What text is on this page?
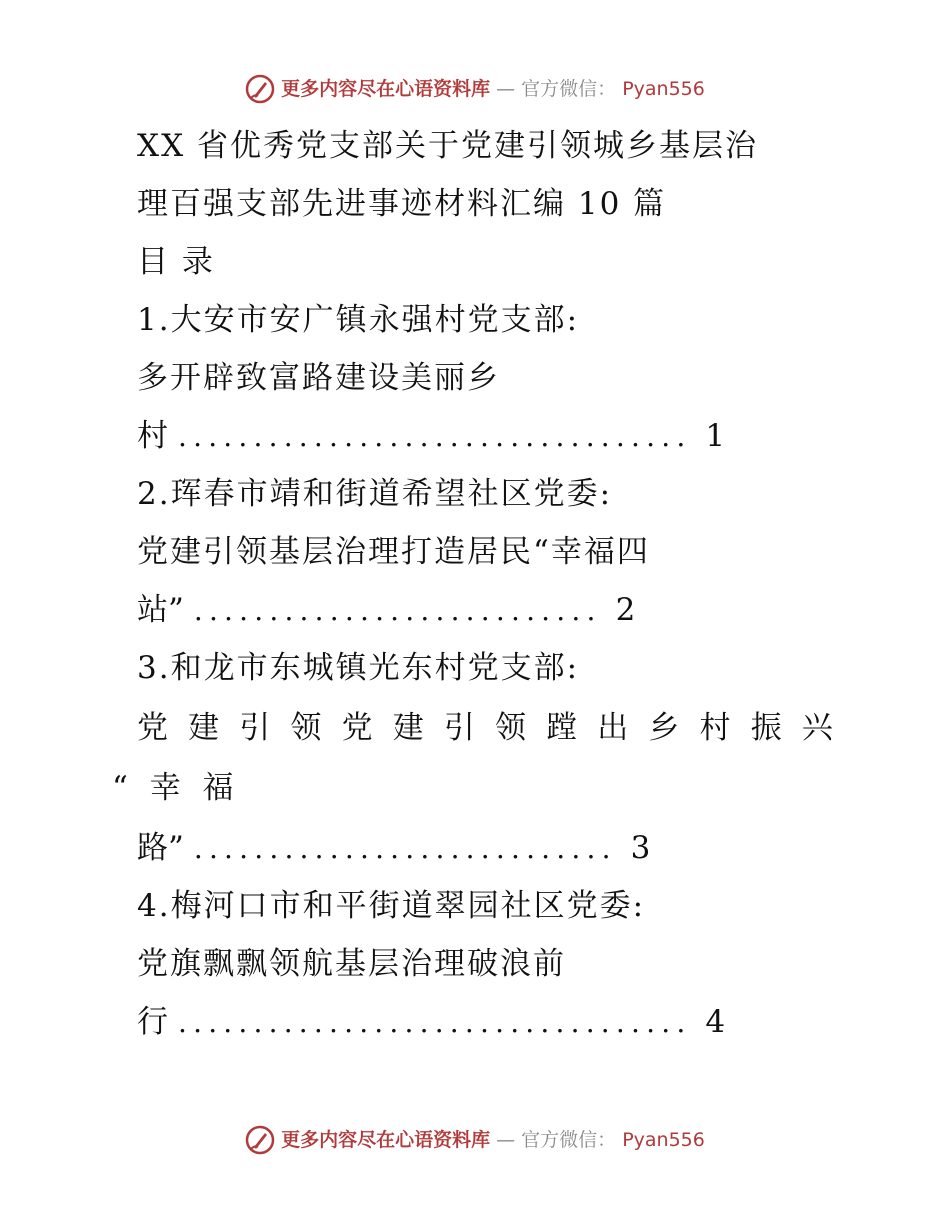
更多内容尽在心语资料库 — 官方微信： Pyan556
XX 省优秀党支部关于党建引领城乡基层治
理百强支部先进事迹材料汇编 10 篇
目 录
1.大安市安广镇永强村党支部:
多开辟致富路建设美丽乡
村 .................................. 1
2.珲春市靖和街道希望社区党委:
党建引领基层治理打造居民“幸福四
站” ........................... 2
3.和龙市东城镇光东村党支部:
党 建 引 领 党 建 引 领 蹚 出 乡 村 振 兴
“ 幸 福
路” ............................ 3
4.梅河口市和平街道翠园社区党委:
党旗飘飘领航基层治理破浪前
行 .................................. 4
更多内容尽在心语资料库 — 官方微信： Pyan556
